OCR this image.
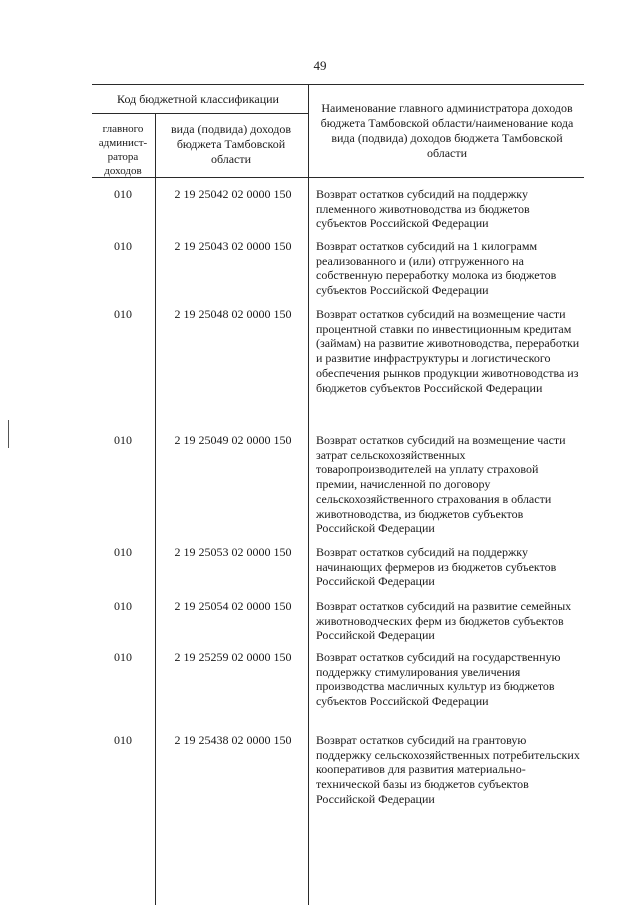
49
Код бюджетной классификации
главного админист-ратора доходов
вида (подвида) доходов бюджета Тамбовской области
Наименование главного администратора доходов бюджета Тамбовской области/наименование кода вида (подвида) доходов бюджета Тамбовской области
010	2 19 25042 02 0000 150	Возврат остатков субсидий на поддержку племенного животноводства из бюджетов субъектов Российской Федерации
010	2 19 25043 02 0000 150	Возврат остатков субсидий на 1 килограмм реализованного и (или) отгруженного на собственную переработку молока из бюджетов субъектов Российской Федерации
010	2 19 25048 02 0000 150	Возврат остатков субсидий на возмещение части процентной ставки по инвестиционным кредитам (займам) на развитие животноводства, переработки и развитие инфраструктуры и логистического обеспечения рынков продукции животноводства из бюджетов субъектов Российской Федерации
010	2 19 25049 02 0000 150	Возврат остатков субсидий на возмещение части затрат сельскохозяйственных товаропроизводителей на уплату страховой премии, начисленной по договору сельскохозяйственного страхования в области животноводства, из бюджетов субъектов Российской Федерации
010	2 19 25053 02 0000 150	Возврат остатков субсидий на поддержку начинающих фермеров из бюджетов субъектов Российской Федерации
010	2 19 25054 02 0000 150	Возврат остатков субсидий на развитие семейных животноводческих ферм из бюджетов субъектов Российской Федерации
010	2 19 25259 02 0000 150	Возврат остатков субсидий на государственную поддержку стимулирования увеличения производства масличных культур из бюджетов субъектов Российской Федерации
010	2 19 25438 02 0000 150	Возврат остатков субсидий на грантовую поддержку сельскохозяйственных потребительских кооперативов для развития материально-технической базы из бюджетов субъектов Российской Федерации
